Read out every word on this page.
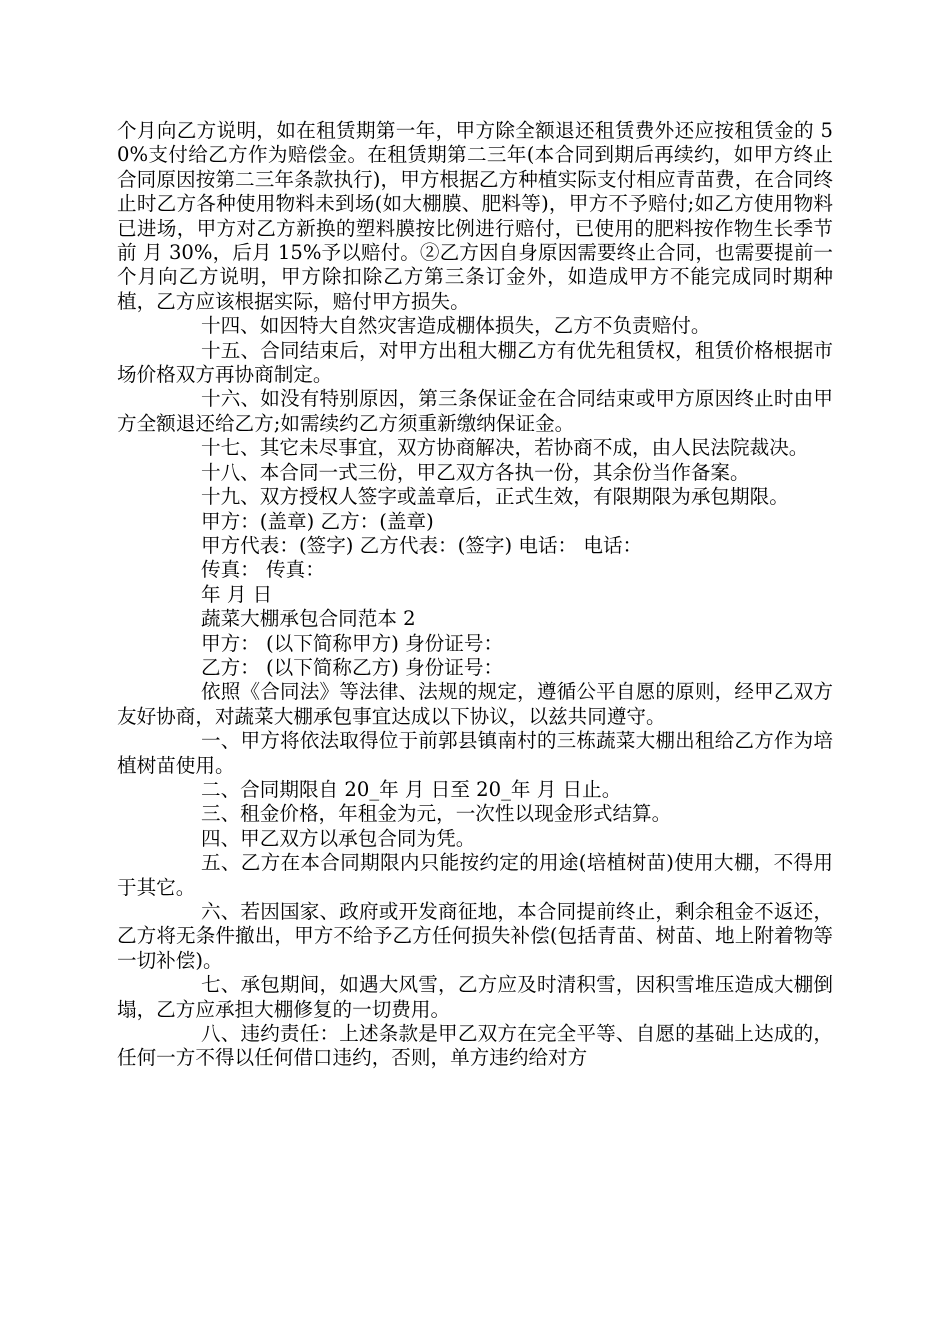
个月向乙方说明，如在租赁期第一年，甲方除全额退还租赁费外还应按租赁金的 50%支付给乙方作为赔偿金。在租赁期第二三年(本合同到期后再续约，如甲方终止合同原因按第二三年条款执行)，甲方根据乙方种植实际支付相应青苗费，在合同终止时乙方各种使用物料未到场(如大棚膜、肥料等)，甲方不予赔付;如乙方使用物料已进场，甲方对乙方新换的塑料膜按比例进行赔付，已使用的肥料按作物生长季节前 月 30%，后月 15%予以赔付。②乙方因自身原因需要终止合同，也需要提前一个月向乙方说明，甲方除扣除乙方第三条订金外，如造成甲方不能完成同时期种植，乙方应该根据实际，赔付甲方损失。

十四、如因特大自然灾害造成棚体损失，乙方不负责赔付。

十五、合同结束后，对甲方出租大棚乙方有优先租赁权，租赁价格根据市场价格双方再协商制定。

十六、如没有特别原因，第三条保证金在合同结束或甲方原因终止时由甲方全额退还给乙方;如需续约乙方须重新缴纳保证金。

十七、其它未尽事宜，双方协商解决，若协商不成，由人民法院裁决。

十八、本合同一式三份，甲乙双方各执一份，其余份当作备案。

十九、双方授权人签字或盖章后，正式生效，有限期限为承包期限。

甲方：(盖章) 乙方：(盖章)

甲方代表：(签字) 乙方代表：(签字) 电话： 电话：

传真： 传真：

年 月 日

蔬菜大棚承包合同范本 2

甲方： (以下简称甲方) 身份证号：

乙方： (以下简称乙方) 身份证号：

依照《合同法》等法律、法规的规定，遵循公平自愿的原则，经甲乙双方友好协商，对蔬菜大棚承包事宜达成以下协议，以兹共同遵守。

一、甲方将依法取得位于前郭县镇南村的三栋蔬菜大棚出租给乙方作为培植树苗使用。

二、合同期限自 20_年 月 日至 20_年 月 日止。

三、租金价格，年租金为元，一次性以现金形式结算。

四、甲乙双方以承包合同为凭。

五、乙方在本合同期限内只能按约定的用途(培植树苗)使用大棚，不得用于其它。

六、若因国家、政府或开发商征地，本合同提前终止，剩余租金不返还，乙方将无条件撤出，甲方不给予乙方任何损失补偿(包括青苗、树苗、地上附着物等一切补偿)。

七、承包期间，如遇大风雪，乙方应及时清积雪，因积雪堆压造成大棚倒塌，乙方应承担大棚修复的一切费用。

八、违约责任：上述条款是甲乙双方在完全平等、自愿的基础上达成的，任何一方不得以任何借口违约，否则，单方违约给对方
